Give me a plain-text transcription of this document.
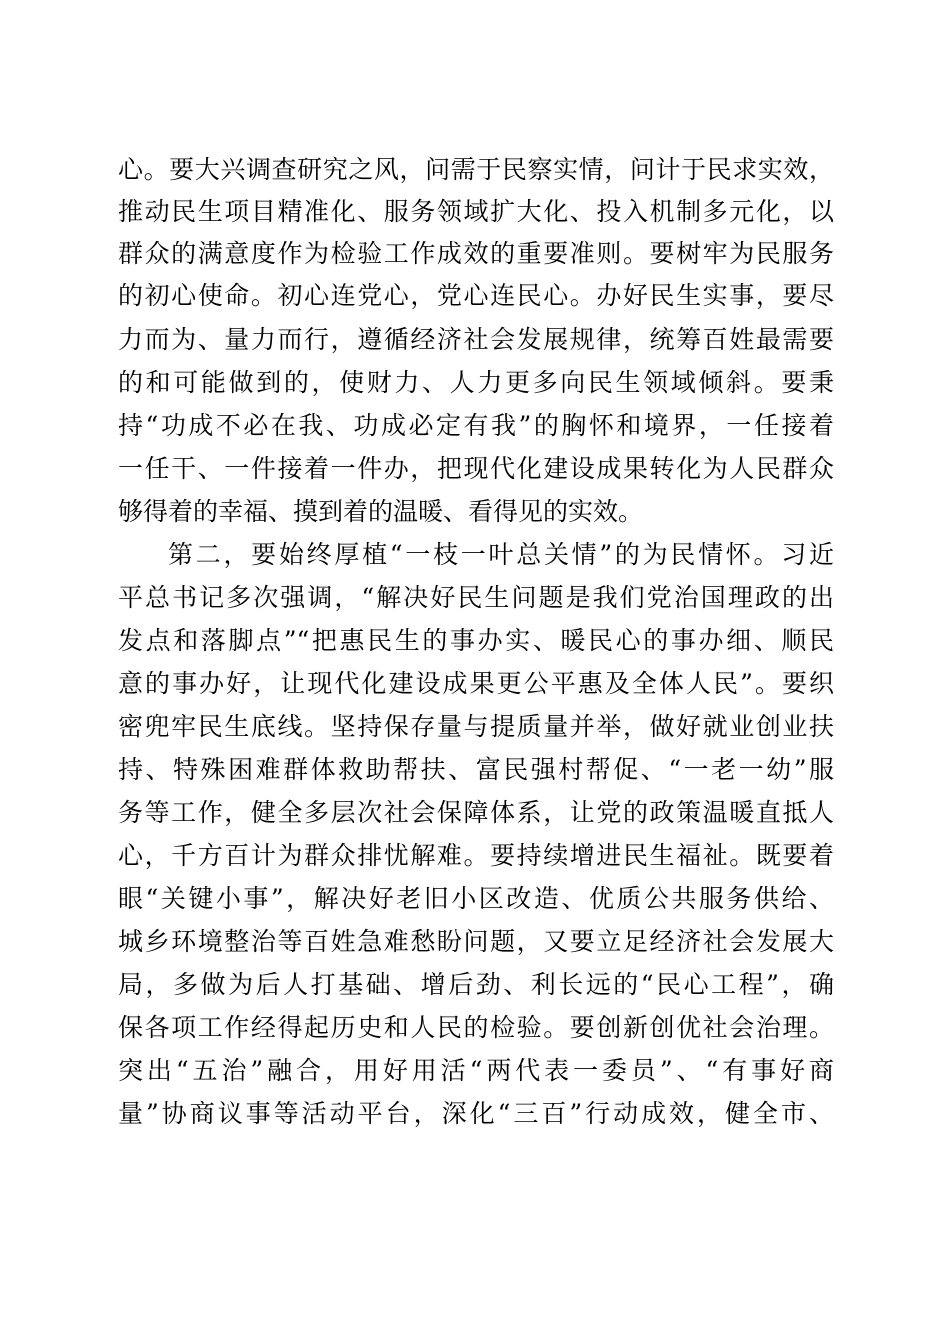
心。要大兴调查研究之风，问需于民察实情，问计于民求实效，
推动民生项目精准化、服务领域扩大化、投入机制多元化，以
群众的满意度作为检验工作成效的重要准则。要树牢为民服务
的初心使命。初心连党心，党心连民心。办好民生实事，要尽
力而为、量力而行，遵循经济社会发展规律，统筹百姓最需要
的和可能做到的，使财力、人力更多向民生领域倾斜。要秉
持“功成不必在我、功成必定有我”的胸怀和境界，一任接着
一任干、一件接着一件办，把现代化建设成果转化为人民群众
够得着的幸福、摸到着的温暖、看得见的实效。
第二，要始终厚植“一枝一叶总关情”的为民情怀。习近
平总书记多次强调，“解决好民生问题是我们党治国理政的出
发点和落脚点”“把惠民生的事办实、暖民心的事办细、顺民
意的事办好，让现代化建设成果更公平惠及全体人民”。要织
密兜牢民生底线。坚持保存量与提质量并举，做好就业创业扶
持、特殊困难群体救助帮扶、富民强村帮促、“一老一幼”服
务等工作，健全多层次社会保障体系，让党的政策温暖直抵人
心，千方百计为群众排忧解难。要持续增进民生福祉。既要着
眼“关键小事”，解决好老旧小区改造、优质公共服务供给、
城乡环境整治等百姓急难愁盼问题，又要立足经济社会发展大
局，多做为后人打基础、增后劲、利长远的“民心工程”，确
保各项工作经得起历史和人民的检验。要创新创优社会治理。
突出“五治”融合，用好用活“两代表一委员”、“有事好商
量”协商议事等活动平台，深化“三百”行动成效，健全市、
